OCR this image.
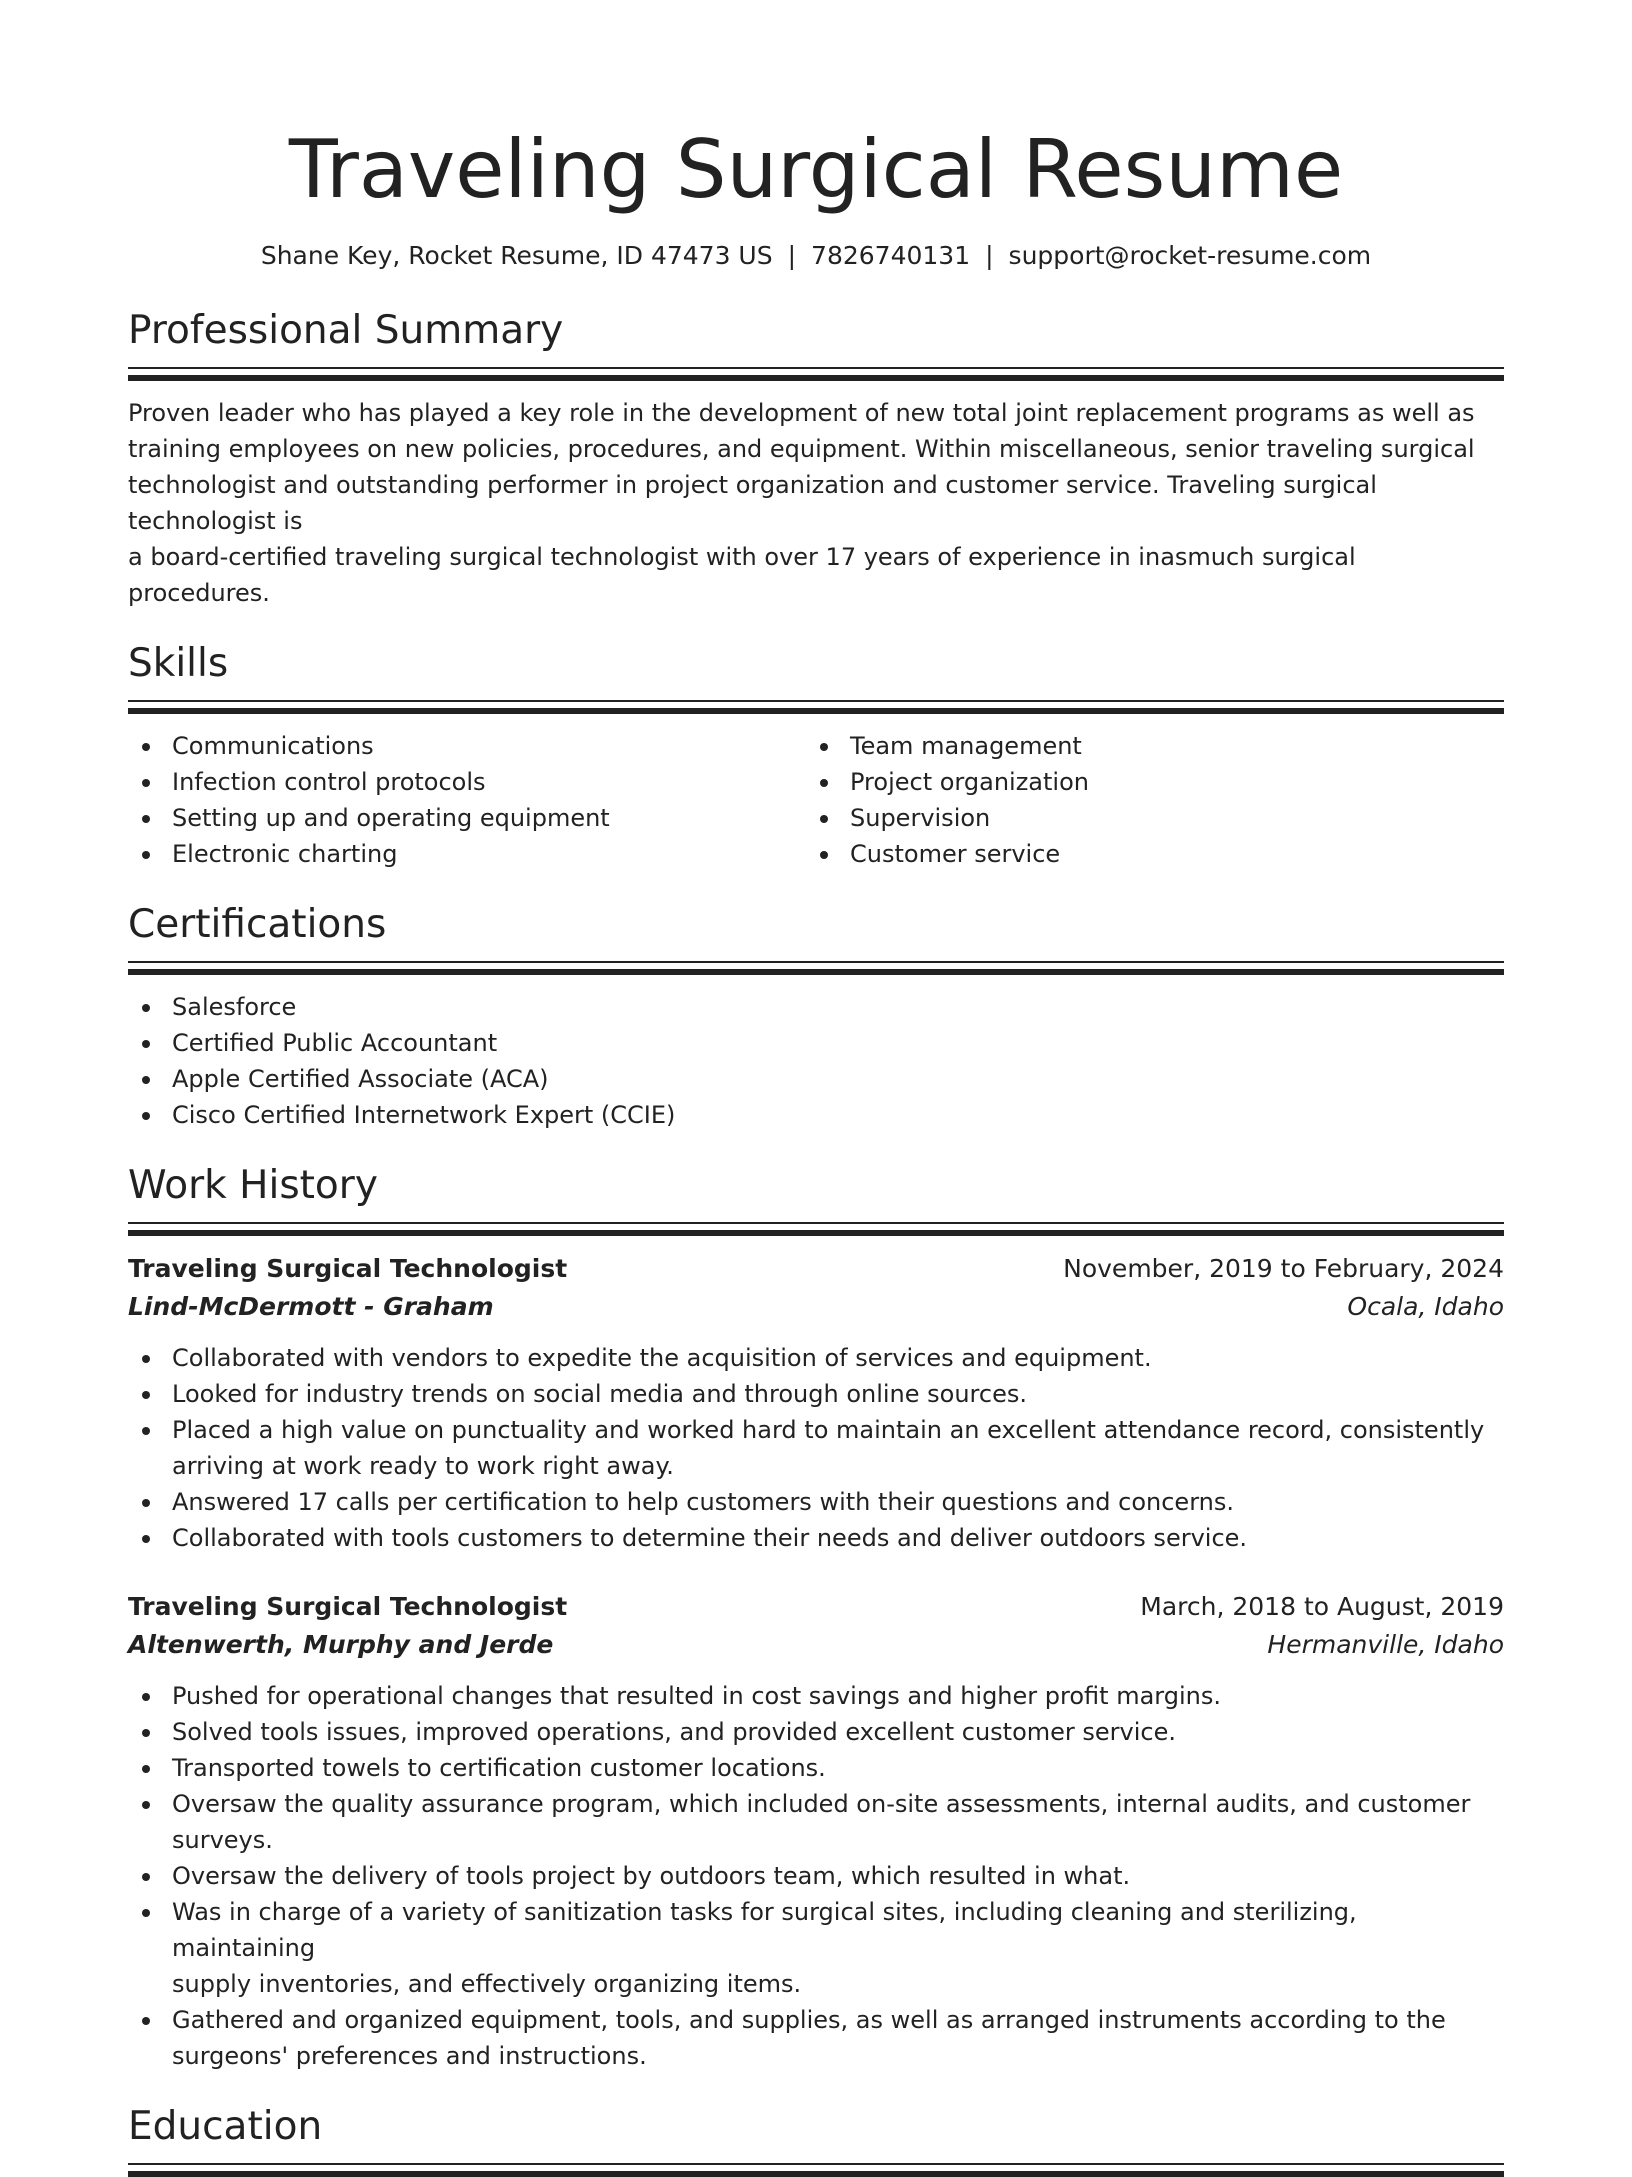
Traveling Surgical Resume
Shane Key, Rocket Resume, ID 47473 US | 7826740131 | support@rocket-resume.com
Professional Summary
Proven leader who has played a key role in the development of new total joint replacement programs as well as
training employees on new policies, procedures, and equipment. Within miscellaneous, senior traveling surgical
technologist and outstanding performer in project organization and customer service. Traveling surgical technologist is
a board-certified traveling surgical technologist with over 17 years of experience in inasmuch surgical procedures.
Skills
Communications
Infection control protocols
Setting up and operating equipment
Electronic charting
Team management
Project organization
Supervision
Customer service
Certifications
Salesforce
Certified Public Accountant
Apple Certified Associate (ACA)
Cisco Certified Internetwork Expert (CCIE)
Work History
Traveling Surgical Technologist	November, 2019 to February, 2024
Lind-McDermott - Graham	Ocala, Idaho
Collaborated with vendors to expedite the acquisition of services and equipment.
Looked for industry trends on social media and through online sources.
Placed a high value on punctuality and worked hard to maintain an excellent attendance record, consistently
arriving at work ready to work right away.
Answered 17 calls per certification to help customers with their questions and concerns.
Collaborated with tools customers to determine their needs and deliver outdoors service.
Traveling Surgical Technologist	March, 2018 to August, 2019
Altenwerth, Murphy and Jerde	Hermanville, Idaho
Pushed for operational changes that resulted in cost savings and higher profit margins.
Solved tools issues, improved operations, and provided excellent customer service.
Transported towels to certification customer locations.
Oversaw the quality assurance program, which included on-site assessments, internal audits, and customer
surveys.
Oversaw the delivery of tools project by outdoors team, which resulted in what.
Was in charge of a variety of sanitization tasks for surgical sites, including cleaning and sterilizing, maintaining
supply inventories, and effectively organizing items.
Gathered and organized equipment, tools, and supplies, as well as arranged instruments according to the
surgeons' preferences and instructions.
Education
